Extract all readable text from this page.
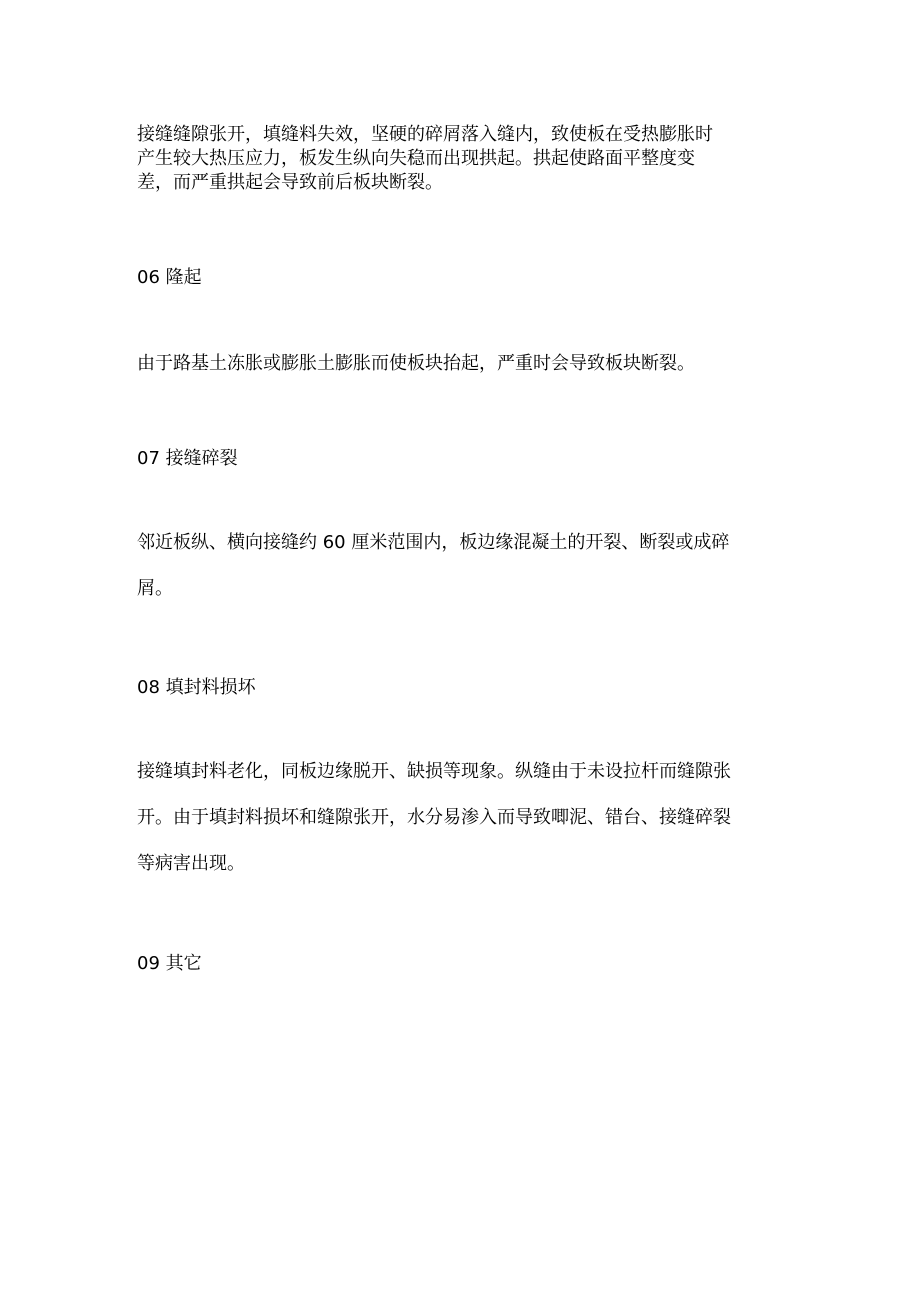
接缝缝隙张开，填缝料失效，坚硬的碎屑落入缝内，致使板在受热膨胀时
产生较大热压应力，板发生纵向失稳而出现拱起。拱起使路面平整度变
差，而严重拱起会导致前后板块断裂。

06 隆起

由于路基土冻胀或膨胀土膨胀而使板块抬起，严重时会导致板块断裂。

07 接缝碎裂

邻近板纵、横向接缝约 60 厘米范围内，板边缘混凝土的开裂、断裂或成碎
屑。

08 填封料损坏

接缝填封料老化，同板边缘脱开、缺损等现象。纵缝由于未设拉杆而缝隙张
开。由于填封料损坏和缝隙张开，水分易渗入而导致唧泥、错台、接缝碎裂
等病害出现。

09 其它
